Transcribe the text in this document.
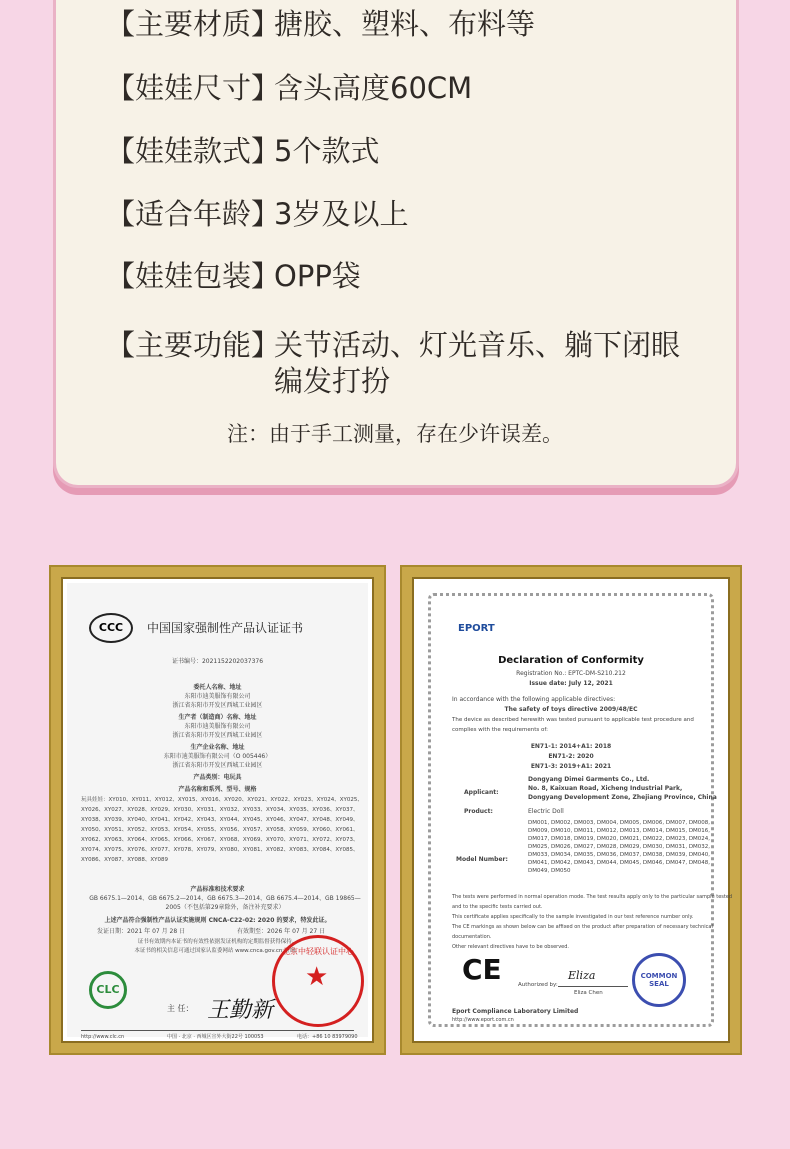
【主要材质】搪胶、塑料、布料等
【娃娃尺寸】含头高度60CM
【娃娃款式】5个款式
【适合年龄】3岁及以上
【娃娃包装】OPP袋
【主要功能】关节活动、灯光音乐、躺下闭眼编发打扮
注：由于手工测量，存在少许误差。
CCC	中国国家强制性产品认证证书
证书编号：2021152202037376
委托人名称、地址
东阳市迪美服饰有限公司
浙江省东阳市开发区西城工业园区
生产者（制造商）名称、地址
东阳市迪美服饰有限公司
浙江省东阳市开发区西城工业园区
生产企业名称、地址
东阳市迪美服饰有限公司（O 005446）
浙江省东阳市开发区西城工业园区
产品类别：电玩具
产品名称和系列、型号、规格
玩具娃娃：XY010、XY011、XY012、XY015、XY016、XY020、XY021、XY022、XY023、XY024、XY025、XY026、XY027、XY028、XY029、XY030、XY031、XY032、XY033、XY034、XY035、XY036、XY037、XY038、XY039、XY040、XY041、XY042、XY043、XY044、XY045、XY046、XY047、XY048、XY049、XY050、XY051、XY052、XY053、XY054、XY055、XY056、XY057、XY058、XY059、XY060、XY061、XY062、XY063、XY064、XY065、XY066、XY067、XY068、XY069、XY070、XY071、XY072、XY073、XY074、XY075、XY076、XY077、XY078、XY079、XY080、XY081、XY082、XY083、XY084、XY085、XY086、XY087、XY088、XY089
产品标准和技术要求
GB 6675.1—2014、GB 6675.2—2014、GB 6675.3—2014、GB 6675.4—2014、GB 19865—2005（不包括第29章除外，备注补充要求）
上述产品符合强制性产品认证实施规则 CNCA-C22-02: 2020 的要求，特发此证。
发证日期：2021 年 07 月 28 日	有效期至：2026 年 07 月 27 日
证书有效期内本证书的有效性依据发证机构的定期监督获得保持。
本证书的相关信息可通过国家认监委网站 www.cnca.gov.cn 查询。
CLC
主 任： 王勤新
北京中轻联认证中心
★
http://www.clc.cn	中国 · 北京 · 西城区宣外大街22号 100053	电话：+86 10 83979090
EPORT
Declaration of Conformity
Registration No.: EPTC-DM-S210.212
Issue date: July 12, 2021
In accordance with the following applicable directives:
The safety of toys directive 2009/48/EC
The device as described herewith was tested pursuant to applicable test procedure and
complies with the requirements of:
EN71-1: 2014+A1: 2018
EN71-2: 2020
EN71-3: 2019+A1: 2021
Applicant:
Dongyang Dimei Garments Co., Ltd.
No. 8, Kaixuan Road, Xicheng Industrial Park, Dongyang Development Zone, Zhejiang Province, China
Product:	Electric Doll
Model Number:
DM001, DM002, DM003, DM004, DM005, DM006, DM007, DM008, DM009, DM010, DM011, DM012, DM013, DM014, DM015, DM016, DM017, DM018, DM019, DM020, DM021, DM022, DM023, DM024, DM025, DM026, DM027, DM028, DM029, DM030, DM031, DM032, DM033, DM034, DM035, DM036, DM037, DM038, DM039, DM040, DM041, DM042, DM043, DM044, DM045, DM046, DM047, DM048, DM049, DM050
The tests were performed in normal operation mode. The test results apply only to the particular sample tested
and to the specific tests carried out.
This certificate applies specifically to the sample investigated in our test reference number only.
The CE markings as shown below can be affixed on the product after preparation of necessary technical
documentation.
Other relevant directives have to be observed.
CE	Authorized by:
Eliza
Eliza Chen
COMMON SEAL
Eport Compliance Laboratory Limited
http://www.eport.com.cn
